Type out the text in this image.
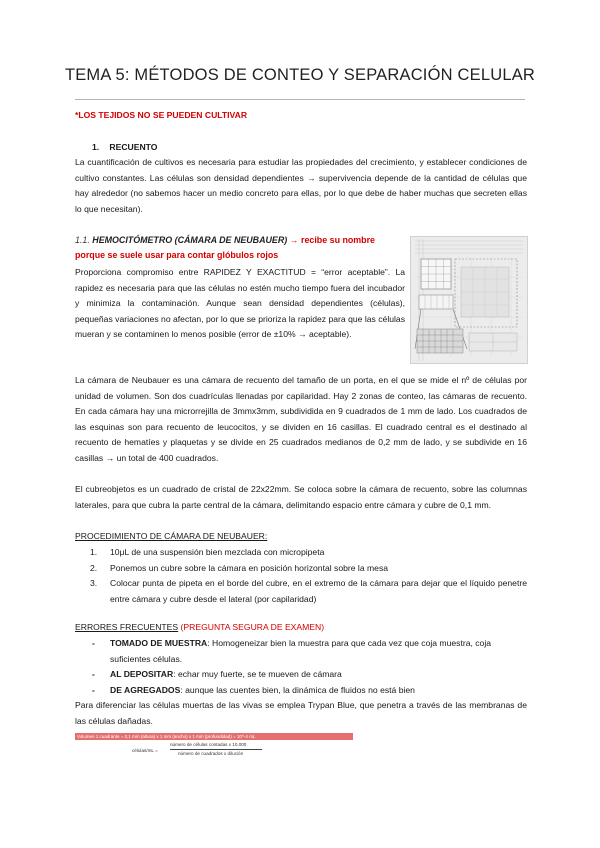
TEMA 5: MÉTODOS DE CONTEO Y SEPARACIÓN CELULAR
*LOS TEJIDOS NO SE PUEDEN CULTIVAR
1. RECUENTO

La cuantificación de cultivos es necesaria para estudiar las propiedades del crecimiento, y establecer condiciones de cultivo constantes. Las células son densidad dependientes → supervivencia depende de la cantidad de células que hay alrededor (no sabemos hacer un medio concreto para ellas, por lo que debe de haber muchas que secreten ellas lo que necesitan).

1.1. HEMOCITÓMETRO (CÁMARA DE NEUBAUER) → recibe su nombre porque se suele usar para contar glóbulos rojos

Proporciona compromiso entre RAPIDEZ Y EXACTITUD = “error aceptable”. La rapidez es necesaria para que las células no estén mucho tiempo fuera del incubador y minimiza la contaminación. Aunque sean densidad dependientes (células), pequeñas variaciones no afectan, por lo que se prioriza la rapidez para que las células mueran y se contaminen lo menos posible (error de ±10% → aceptable).

La cámara de Neubauer es una cámara de recuento del tamaño de un porta, en el que se mide el nº de células por unidad de volumen. Son dos cuadrículas llenadas por capilaridad. Hay 2 zonas de conteo, las cámaras de recuento. En cada cámara hay una microrrejilla de 3mmx3mm, subdividida en 9 cuadrados de 1 mm de lado. Los cuadrados de las esquinas son para recuento de leucocitos, y se dividen en 16 casillas. El cuadrado central es el destinado al recuento de hematíes y plaquetas y se divide en 25 cuadrados medianos de 0,2 mm de lado, y se subdivide en 16 casillas → un total de 400 cuadrados.

El cubreobjetos es un cuadrado de cristal de 22x22mm. Se coloca sobre la cámara de recuento, sobre las columnas laterales, para que cubra la parte central de la cámara, delimitando espacio entre cámara y cubre de 0,1 mm.

PROCEDIMIENTO DE CÁMARA DE NEUBAUER:
1. 10μL de una suspensión bien mezclada con micropipeta
2. Ponemos un cubre sobre la cámara en posición horizontal sobre la mesa
3. Colocar punta de pipeta en el borde del cubre, en el extremo de la cámara para dejar que el líquido penetre entre cámara y cubre desde el lateral (por capilaridad)
ERRORES FRECUENTES (PREGUNTA SEGURA DE EXAMEN)
- TOMADO DE MUESTRA: Homogeneizar bien la muestra para que cada vez que coja muestra, coja suficientes células.
- AL DEPOSITAR: echar muy fuerte, se te mueven de cámara
- DE AGREGADOS: aunque las cuentes bien, la dinámica de fluidos no está bien

Para diferenciar las células muertas de las vivas se emplea Trypan Blue, que penetra a través de las membranas de las células dañadas.

Volumen 1 cuadrante = 0,1 mm (altura) x 1 mm (ancho) x 1 mm (profundidad) = 10^-4 mL
células/mL =
número de células contadas x 10.000
número de cuadrados x dilución
